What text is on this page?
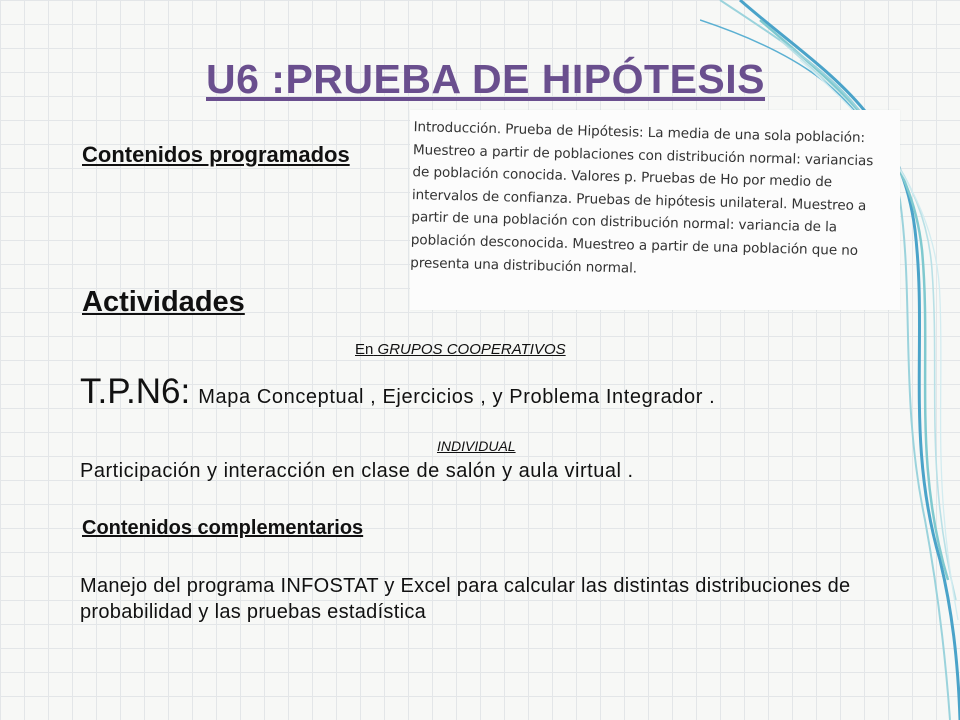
U6 :PRUEBA DE HIPÓTESIS
Contenidos programados

Introducción. Prueba de Hipótesis: La media de una sola población: Muestreo a partir de poblaciones con distribución normal: variancias de población conocida. Valores p. Pruebas de Ho por medio de intervalos de confianza. Pruebas de hipótesis unilateral. Muestreo a partir de una población con distribución normal: variancia de la población desconocida. Muestreo a partir de una población que no presenta una distribución normal.

Actividades
En GRUPOS COOPERATIVOS
T.P.N6: Mapa Conceptual , Ejercicios , y Problema Integrador .
INDIVIDUAL
Participación y interacción en clase de salón y aula virtual .
Contenidos complementarios
Manejo del programa INFOSTAT y Excel para calcular las distintas distribuciones de probabilidad y las pruebas estadística
